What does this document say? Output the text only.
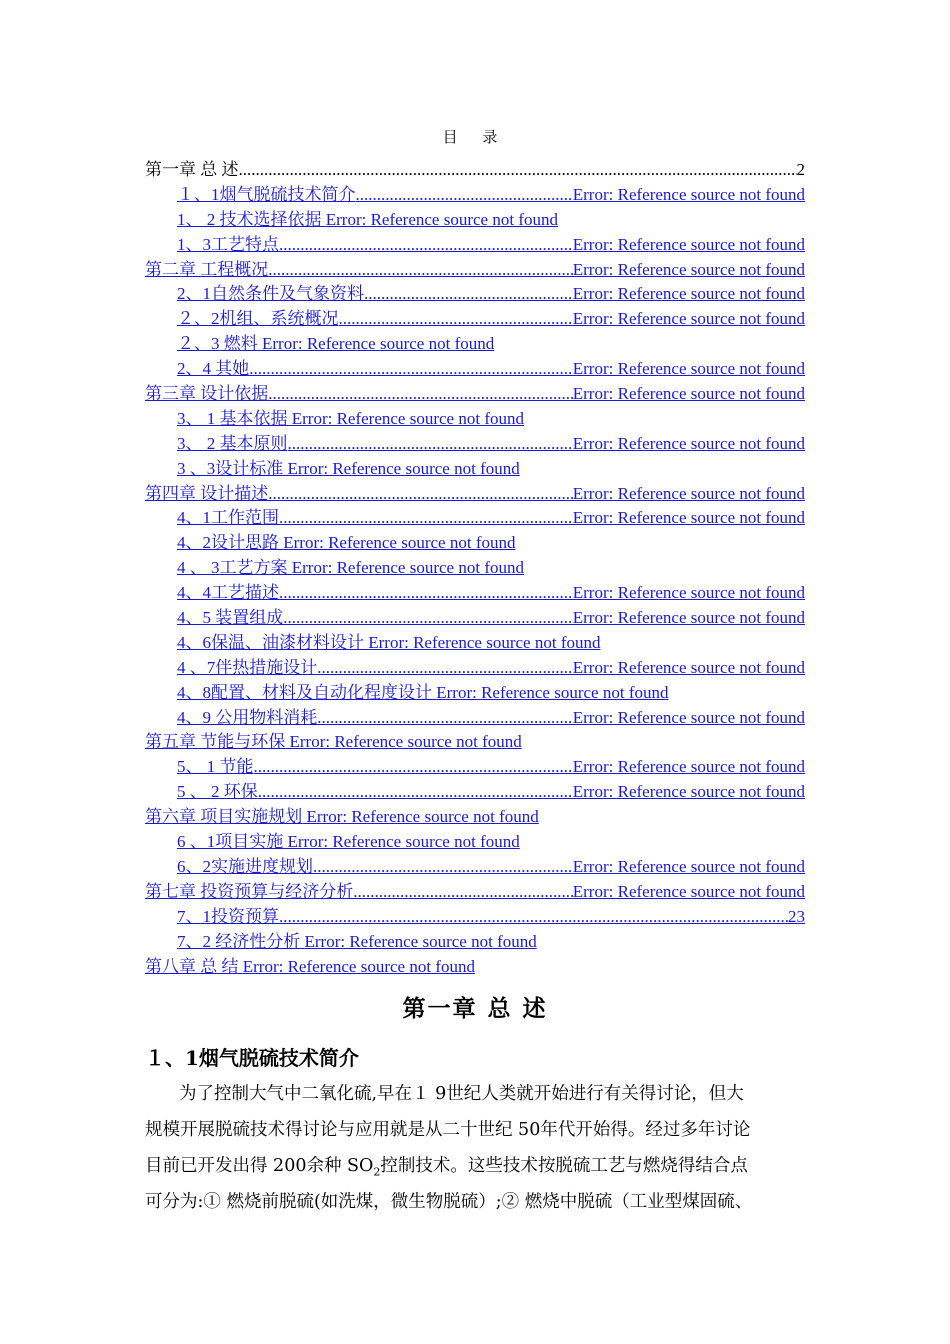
目 录
第一章 总 述 .....	2
１、1烟气脱硫技术简介 .....	Error: Reference source not found
1、 2 技术选择依据 Error: Reference source not found
1、3工艺特点 .....	Error: Reference source not found
第二章 工程概况 .....	Error: Reference source not found
2、1自然条件及气象资料 .....	Error: Reference source not found
２、2机组、系统概况 .....	Error: Reference source not found
２、3 燃料 Error: Reference source not found
2、4 其她 .....	Error: Reference source not found
第三章 设计依据 .....	Error: Reference source not found
3、 1 基本依据 Error: Reference source not found
3、 2 基本原则 .....	Error: Reference source not found
3 、3设计标准 Error: Reference source not found
第四章 设计描述 .....	Error: Reference source not found
4、1工作范围 .....	Error: Reference source not found
4、2设计思路 Error: Reference source not found
4 、 3工艺方案 Error: Reference source not found
4、4工艺描述 .....	Error: Reference source not found
4、5 装置组成 .....	Error: Reference source not found
4、6保温、油漆材料设计 Error: Reference source not found
4 、7伴热措施设计 .....	Error: Reference source not found
4、8配置、材料及自动化程度设计 Error: Reference source not found
4、9 公用物料消耗 .....	Error: Reference source not found
第五章 节能与环保 Error: Reference source not found
5、 1 节能 .....	Error: Reference source not found
5 、 2 环保 .....	Error: Reference source not found
第六章 项目实施规划 Error: Reference source not found
6 、1项目实施 Error: Reference source not found
6、2实施进度规划 .....	Error: Reference source not found
第七章 投资预算与经济分析 .....	Error: Reference source not found
7、1投资预算 .....	23
7、2 经济性分析 Error: Reference source not found
第八章 总 结 Error: Reference source not found
第一章 总 述
１、1烟气脱硫技术简介
为了控制大气中二氧化硫,早在１ 9世纪人类就开始进行有关得讨论，但大
规模开展脱硫技术得讨论与应用就是从二十世纪 50年代开始得。经过多年讨论
目前已开发出得 200余种 $SO_2$控制技术。这些技术按脱硫工艺与燃烧得结合点
可分为:① 燃烧前脱硫(如洗煤，微生物脱硫）;② 燃烧中脱硫（工业型煤固硫、
